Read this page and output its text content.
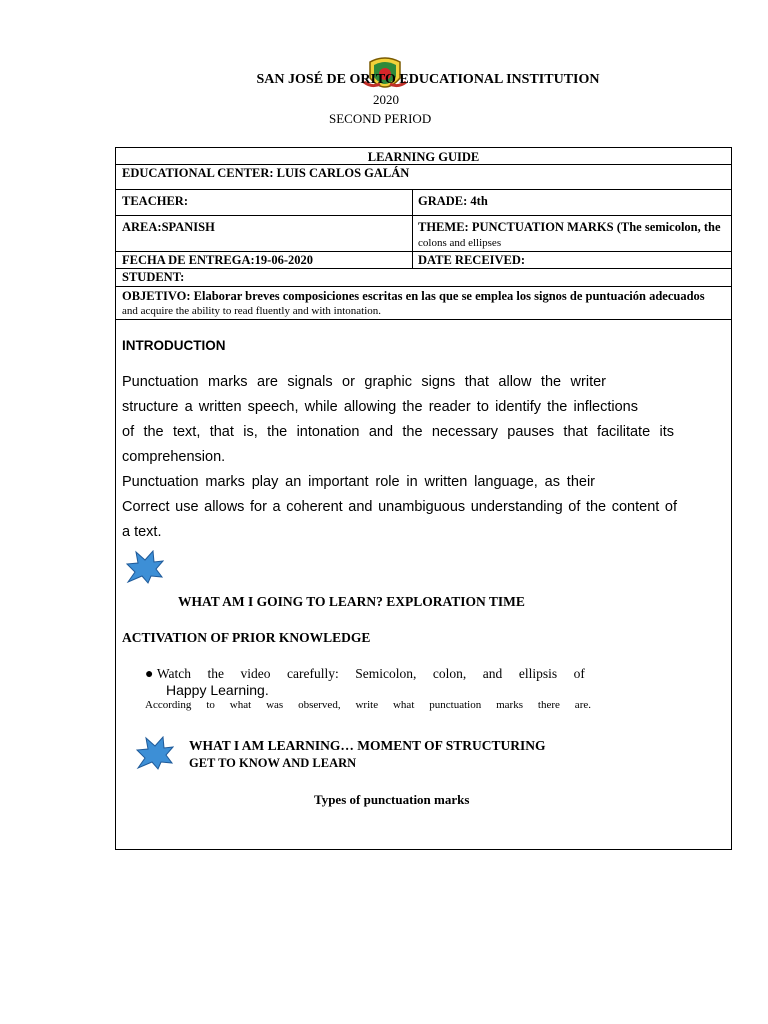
SAN JOSÉ DE ORITO EDUCATIONAL INSTITUTION
2020
SECOND PERIOD
LEARNING GUIDE
EDUCATIONAL CENTER: LUIS CARLOS GALÁN
TEACHER:	GRADE: 4th
AREA:SPANISH	THEME: PUNCTUATION MARKS (The semicolon, the
colons and ellipses
FECHA DE ENTREGA:19-06-2020	DATE RECEIVED:
STUDENT:
OBJETIVO: Elaborar breves composiciones escritas en las que se emplea los signos de puntuación adecuados
and acquire the ability to read fluently and with intonation.
INTRODUCTION

Punctuation marks are signals or graphic signs that allow the writer

structure a written speech, while allowing the reader to identify the inflections

of the text, that is, the intonation and the necessary pauses that facilitate its

comprehension.

Punctuation marks play an important role in written language, as their

Correct use allows for a coherent and unambiguous understanding of the content of

a text.

WHAT AM I GOING TO LEARN? EXPLORATION TIME
ACTIVATION OF PRIOR KNOWLEDGE
● Watch the video carefully: Semicolon, colon, and ellipsis of
Happy Learning.
According to what was observed, write what punctuation marks there are.
WHAT I AM LEARNING… MOMENT OF STRUCTURING
GET TO KNOW AND LEARN
Types of punctuation marks
